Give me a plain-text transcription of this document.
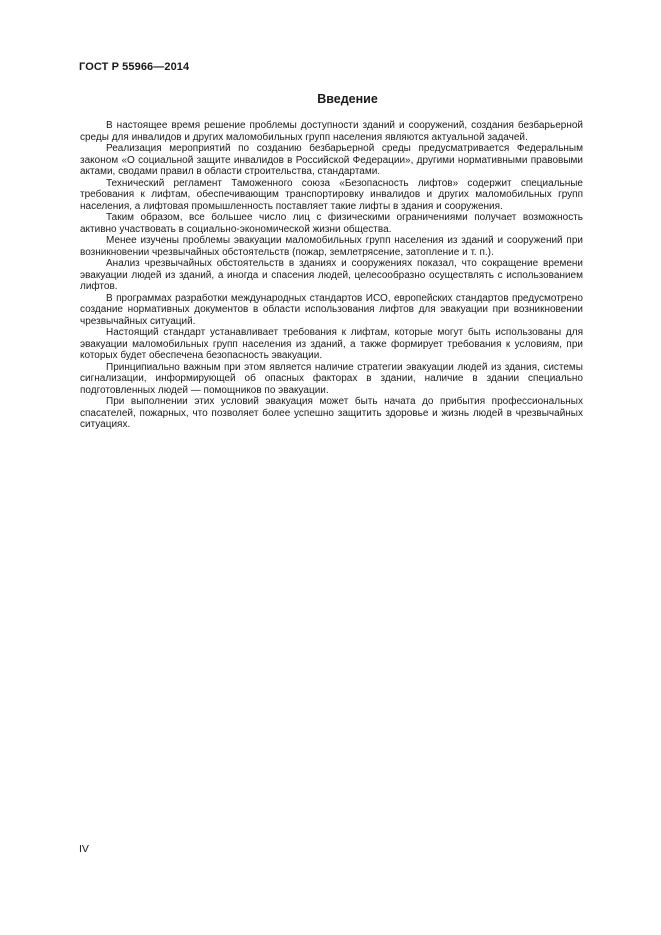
ГОСТ Р 55966—2014
Введение

В настоящее время решение проблемы доступности зданий и сооружений, создания безбарьерной среды для инвалидов и других маломобильных групп населения являются актуальной задачей.

Реализация мероприятий по созданию безбарьерной среды предусматривается Федеральным законом «О социальной защите инвалидов в Российской Федерации», другими нормативными правовыми актами, сводами правил в области строительства, стандартами.

Технический регламент Таможенного союза «Безопасность лифтов» содержит специальные требования к лифтам, обеспечивающим транспортировку инвалидов и других маломобильных групп населения, а лифтовая промышленность поставляет такие лифты в здания и сооружения.

Таким образом, все большее число лиц с физическими ограничениями получает возможность активно участвовать в социально-экономической жизни общества.

Менее изучены проблемы эвакуации маломобильных групп населения из зданий и сооружений при возникновении чрезвычайных обстоятельств (пожар, землетрясение, затопление и т. п.).

Анализ чрезвычайных обстоятельств в зданиях и сооружениях показал, что сокращение времени эвакуации людей из зданий, а иногда и спасения людей, целесообразно осуществлять с использованием лифтов.

В программах разработки международных стандартов ИСО, европейских стандартов предусмотрено создание нормативных документов в области использования лифтов для эвакуации при возникновении чрезвычайных ситуаций.

Настоящий стандарт устанавливает требования к лифтам, которые могут быть использованы для эвакуации маломобильных групп населения из зданий, а также формирует требования к условиям, при которых будет обеспечена безопасность эвакуации.

Принципиально важным при этом является наличие стратегии эвакуации людей из здания, системы сигнализации, информирующей об опасных факторах в здании, наличие в здании специально подготовленных людей — помощников по эвакуации.

При выполнении этих условий эвакуация может быть начата до прибытия профессиональных спасателей, пожарных, что позволяет более успешно защитить здоровье и жизнь людей в чрезвычайных ситуациях.

IV
